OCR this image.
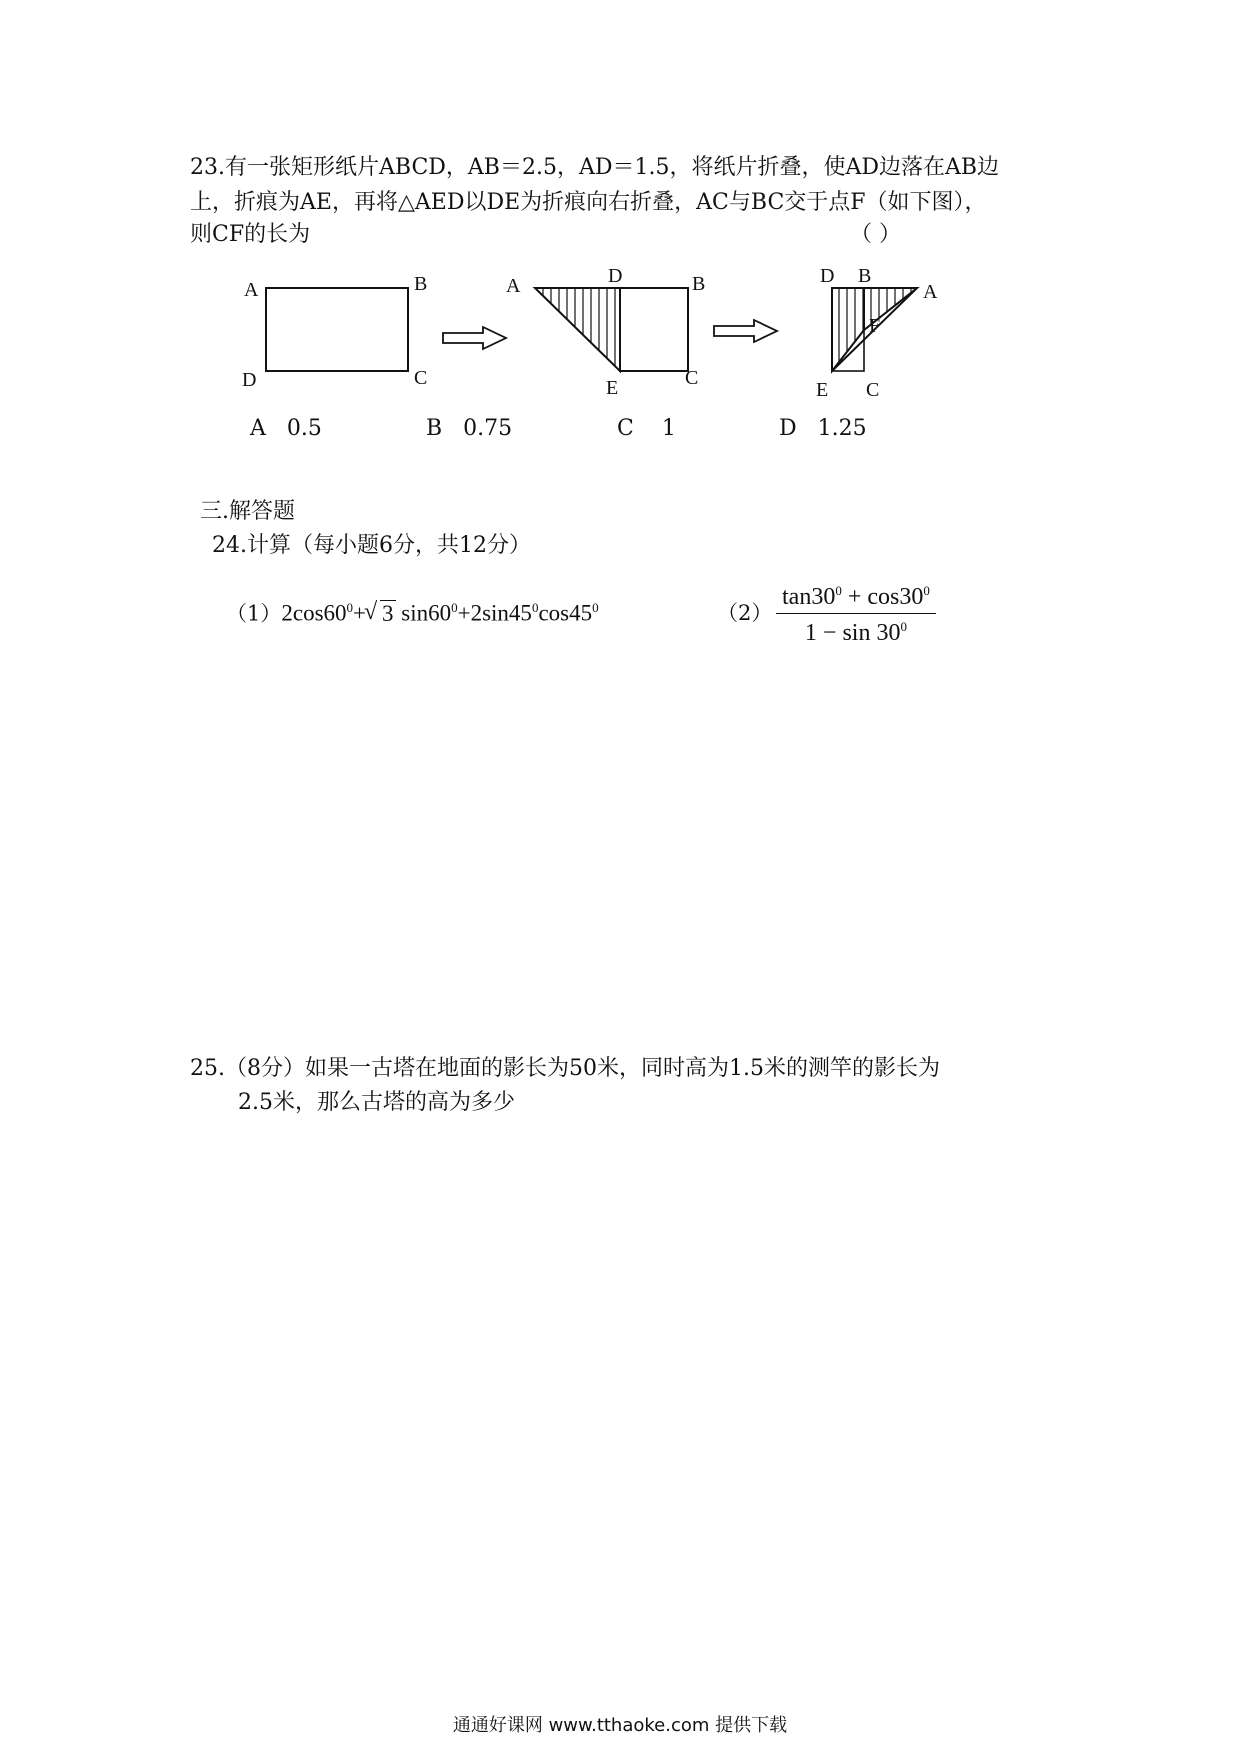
23.有一张矩形纸片ABCD，AB＝2.5，AD＝1.5，将纸片折叠，使AD边落在AB边
上，折痕为AE，再将△AED以DE为折痕向右折叠，AC与BC交于点F（如下图），
则CF的长为	（ ）
A	B
D	C
A	D	B
E	C
D B
A
F
E C
A 0.5	B 0.75	C 1	D 1.25
三.解答题
24.计算（每小题6分，共12分）
$(1)2\cos 60^0+√$ 3 $\sin 60^0+2\sin 45^0\cos 45^0$	$(2) \frac{\tan 30^0 + \cos 30^0}{1 - \sin 30^0}$
25.（8分）如果一古塔在地面的影长为50米，同时高为1.5米的测竿的影长为
2.5米，那么古塔的高为多少
通通好课网 www.tthaoke.com 提供下载
